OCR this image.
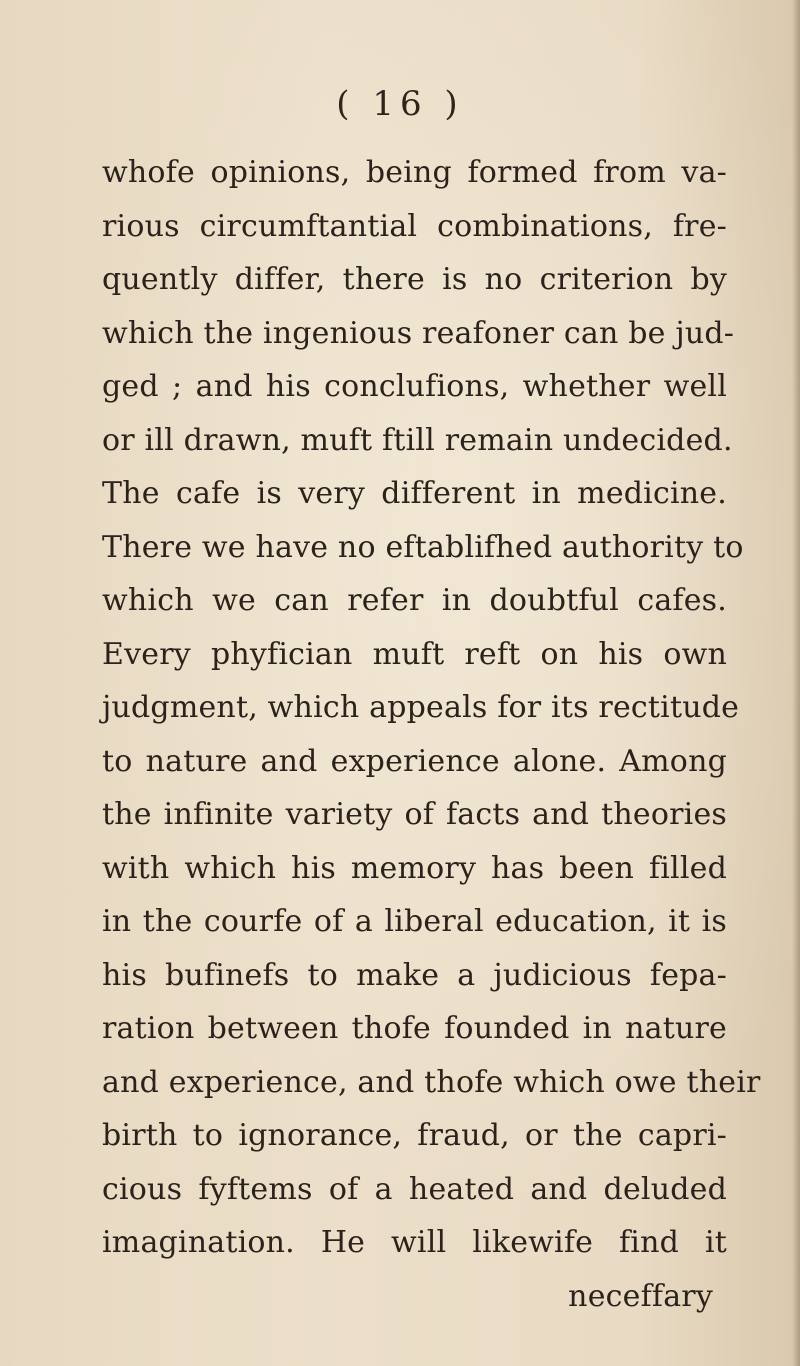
( 16 )
whofe opinions, being formed from va-
rious circumftantial combinations, fre-
quently differ, there is no criterion by
which the ingenious reafoner can be jud-
ged ; and his conclufions, whether well
or ill drawn, muft ftill remain undecided.
The cafe is very different in medicine.
There we have no eftablifhed authority to
which we can refer in doubtful cafes.
Every phyfician muft reft on his own
judgment, which appeals for its rectitude
to nature and experience alone. Among
the infinite variety of facts and theories
with which his memory has been filled
in the courfe of a liberal education, it is
his bufinefs to make a judicious fepa-
ration between thofe founded in nature
and experience, and thofe which owe their
birth to ignorance, fraud, or the capri-
cious fyftems of a heated and deluded
imagination. He will likewife find it
neceffary
